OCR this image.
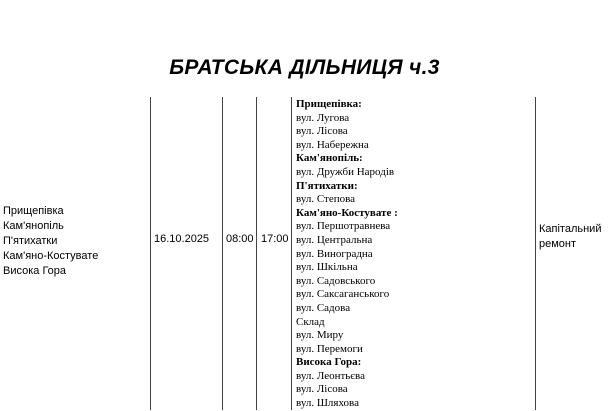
БРАТСЬКА ДІЛЬНИЦЯ ч.3
Прищепівка
Кам'янопіль
П'ятихатки
Кам'яно-Костувате
Висока Гора
16.10.2025 08:00 17:00
Прищепівка:
вул. Лугова
вул. Лісова
вул. Набережна
Кам'янопіль:
вул. Дружби Народів
П'ятихатки:
вул. Степова
Кам'яно-Костувате :
вул. Першотравнева
вул. Центральна
вул. Виноградна
вул. Шкільна
вул. Садовського
вул. Саксаганського
вул. Садова
Склад
вул. Миру
вул. Перемоги
Висока Гора:
вул. Леонтьєва
вул. Лісова
вул. Шляхова
Капітальний
ремонт
